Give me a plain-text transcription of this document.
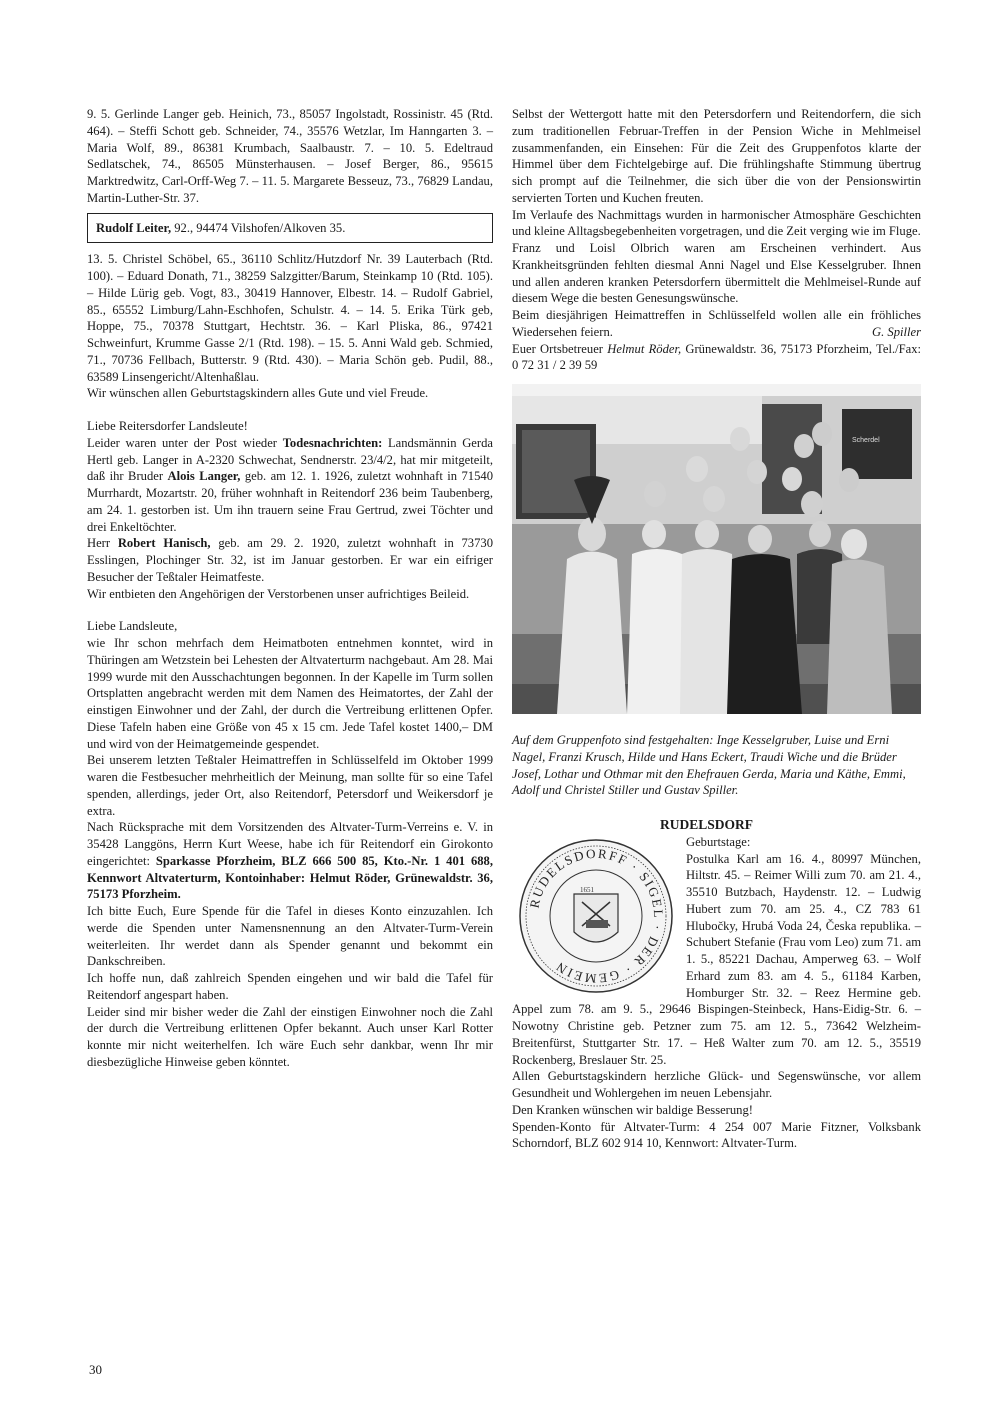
9. 5. Gerlinde Langer geb. Heinich, 73., 85057 Ingolstadt, Rossinistr. 45 (Rtd. 464). – Steffi Schott geb. Schneider, 74., 35576 Wetzlar, Im Hanngarten 3. – Maria Wolf, 89., 86381 Krumbach, Saalbaustr. 7. – 10. 5. Edeltraud Sedlatschek, 74., 86505 Münsterhausen. – Josef Berger, 86., 95615 Marktredwitz, Carl-Orff-Weg 7. – 11. 5. Margarete Besseuz, 73., 76829 Landau, Martin-Luther-Str. 37.

Rudolf Leiter, 92., 94474 Vilshofen/Alkoven 35.

13. 5. Christel Schöbel, 65., 36110 Schlitz/Hutzdorf Nr. 39 Lauterbach (Rtd. 100). – Eduard Donath, 71., 38259 Salzgitter/Barum, Steinkamp 10 (Rtd. 105). – Hilde Lürig geb. Vogt, 83., 30419 Hannover, Elbestr. 14. – Rudolf Gabriel, 85., 65552 Limburg/Lahn-Eschhofen, Schulstr. 4. – 14. 5. Erika Türk geb, Hoppe, 75., 70378 Stuttgart, Hechtstr. 36. – Karl Pliska, 86., 97421 Schweinfurt, Krumme Gasse 2/1 (Rtd. 198). – 15. 5. Anni Wald geb. Schmied, 71., 70736 Fellbach, Butterstr. 9 (Rtd. 430). – Maria Schön geb. Pudil, 88., 63589 Linsengericht/Altenhaßlau.

Wir wünschen allen Geburtstagskindern alles Gute und viel Freude.

Liebe Reitersdorfer Landsleute!

Leider waren unter der Post wieder Todesnachrichten: Landsmännin Gerda Hertl geb. Langer in A-2320 Schwechat, Sendnerstr. 23/4/2, hat mir mitgeteilt, daß ihr Bruder Alois Langer, geb. am 12. 1. 1926, zuletzt wohnhaft in 71540 Murrhardt, Mozartstr. 20, früher wohnhaft in Reitendorf 236 beim Taubenberg, am 24. 1. gestorben ist. Um ihn trauern seine Frau Gertrud, zwei Töchter und drei Enkeltöchter.

Herr Robert Hanisch, geb. am 29. 2. 1920, zuletzt wohnhaft in 73730 Esslingen, Plochinger Str. 32, ist im Januar gestorben. Er war ein eifriger Besucher der Teßtaler Heimatfeste.

Wir entbieten den Angehörigen der Verstorbenen unser aufrichtiges Beileid.

Liebe Landsleute,

wie Ihr schon mehrfach dem Heimatboten entnehmen konntet, wird in Thüringen am Wetzstein bei Lehesten der Altvaterturm nachgebaut. Am 28. Mai 1999 wurde mit den Ausschachtungen begonnen. In der Kapelle im Turm sollen Ortsplatten angebracht werden mit dem Namen des Heimatortes, der Zahl der einstigen Einwohner und der Zahl, der durch die Vertreibung erlittenen Opfer. Diese Tafeln haben eine Größe von 45 x 15 cm. Jede Tafel kostet 1400,– DM und wird von der Heimatgemeinde gespendet.

Bei unserem letzten Teßtaler Heimattreffen in Schlüsselfeld im Oktober 1999 waren die Festbesucher mehrheitlich der Meinung, man sollte für so eine Tafel spenden, allerdings, jeder Ort, also Reitendorf, Petersdorf und Weikersdorf je extra.

Nach Rücksprache mit dem Vorsitzenden des Altvater-Turm-Verreins e. V. in 35428 Langgöns, Herrn Kurt Weese, habe ich für Reitendorf ein Girokonto eingerichtet: Sparkasse Pforzheim, BLZ 666 500 85, Kto.-Nr. 1 401 688, Kennwort Altvaterturm, Kontoinhaber: Helmut Röder, Grünewaldstr. 36, 75173 Pforzheim.

Ich bitte Euch, Eure Spende für die Tafel in dieses Konto einzuzahlen. Ich werde die Spenden unter Namensnennung an den Altvater-Turm-Verein weiterleiten. Ihr werdet dann als Spender genannt und bekommt ein Dankschreiben.

Ich hoffe nun, daß zahlreich Spenden eingehen und wir bald die Tafel für Reitendorf angespart haben.

Leider sind mir bisher weder die Zahl der einstigen Einwohner noch die Zahl der durch die Vertreibung erlittenen Opfer bekannt. Auch unser Karl Rotter konnte mir nicht weiterhelfen. Ich wäre Euch sehr dankbar, wenn Ihr mir diesbezügliche Hinweise geben könntet.

Selbst der Wettergott hatte mit den Petersdorfern und Reitendorfern, die sich zum traditionellen Februar-Treffen in der Pension Wiche in Mehlmeisel zusammenfanden, ein Einsehen: Für die Zeit des Gruppenfotos klarte der Himmel über dem Fichtelgebirge auf. Die frühlingshafte Stimmung übertrug sich prompt auf die Teilnehmer, die sich über die von der Pensionswirtin servierten Torten und Kuchen freuten.

Im Verlaufe des Nachmittags wurden in harmonischer Atmosphäre Geschichten und kleine Alltagsbegebenheiten vorgetragen, und die Zeit verging wie im Fluge.

Franz und Loisl Olbrich waren am Erscheinen verhindert. Aus Krankheitsgründen fehlten diesmal Anni Nagel und Else Kesselgruber. Ihnen und allen anderen kranken Petersdorfern übermittelt die Mehlmeisel-Runde auf diesem Wege die besten Genesungswünsche.

Beim diesjährigen Heimattreffen in Schlüsselfeld wollen alle ein fröhliches Wiedersehen feiern.	G. Spiller

Euer Ortsbetreuer Helmut Röder, Grünewaldstr. 36, 75173 Pforzheim, Tel./Fax: 0 72 31 / 2 39 59

Scherdel

Auf dem Gruppenfoto sind festgehalten: Inge Kesselgruber, Luise und Erni Nagel, Franzi Krusch, Hilde und Hans Eckert, Traudi Wiche und die Brüder Josef, Lothar und Othmar mit den Ehefrauen Gerda, Maria und Käthe, Emmi, Adolf und Christel Stiller und Gustav Spiller.

RUDELSDORF
RUDELSDORFF · SIGEL · DER · GEMEIN
1651

Geburtstage:

Postulka Karl am 16. 4., 80997 München, Hiltstr. 45. – Reimer Willi zum 70. am 21. 4., 35510 Butzbach, Haydenstr. 12. – Ludwig Hubert zum 70. am 25. 4., CZ 783 61 Hlubočky, Hrubá Voda 24, Česka republika. – Schubert Stefanie (Frau vom Leo) zum 71. am 1. 5., 85221 Dachau, Amperweg 63. – Wolf Erhard zum 83. am 4. 5., 61184 Karben, Homburger Str. 32. – Reez Hermine geb. Appel zum 78. am 9. 5., 29646 Bispingen-Steinbeck, Hans-Eidig-Str. 6. – Nowotny Christine geb. Petzner zum 75. am 12. 5., 73642 Welzheim-Breitenfürst, Stuttgarter Str. 17. – Heß Walter zum 70. am 12. 5., 35519 Rockenberg, Breslauer Str. 25.

Allen Geburtstagskindern herzliche Glück- und Segenswünsche, vor allem Gesundheit und Wohlergehen im neuen Lebensjahr.

Den Kranken wünschen wir baldige Besserung!

Spenden-Konto für Altvater-Turm: 4 254 007 Marie Fitzner, Volksbank Schorndorf, BLZ 602 914 10, Kennwort: Altvater-Turm.

30
